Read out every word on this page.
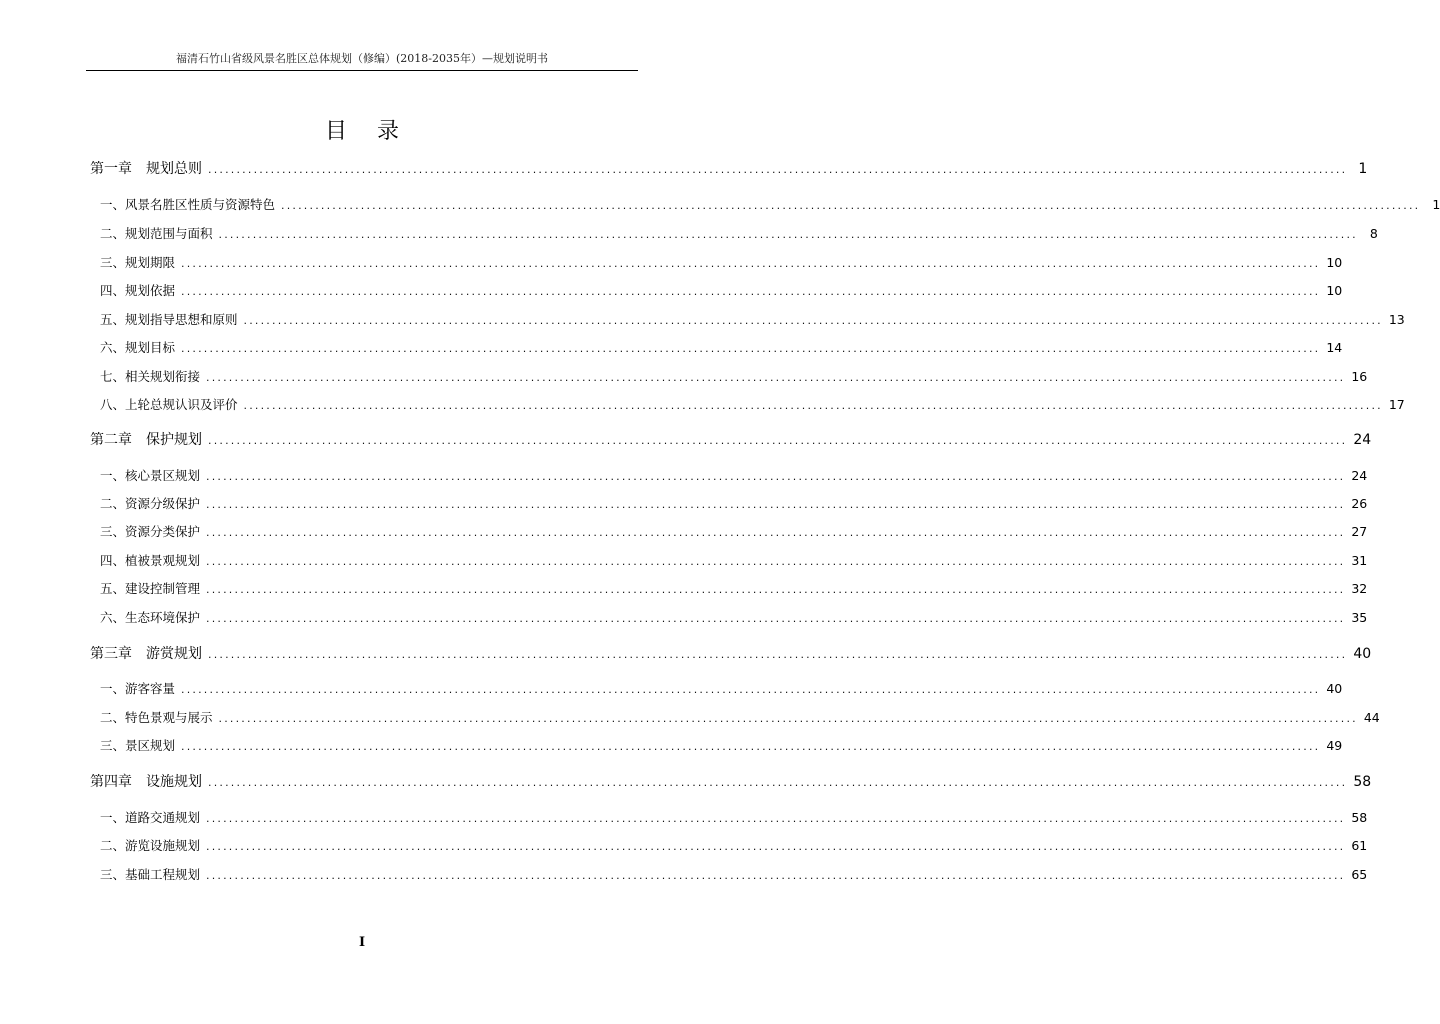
福清石竹山省级风景名胜区总体规划（修编）(2018-2035年）—规划说明书
目录
第一章 规划总则 ........................................................................................................................................................................................................ 1
一、风景名胜区性质与资源特色 ........................................................................................................................................................................................................ 1
二、规划范围与面积 ........................................................................................................................................................................................................ 8
三、规划期限 ........................................................................................................................................................................................................ 10
四、规划依据 ........................................................................................................................................................................................................ 10
五、规划指导思想和原则 ........................................................................................................................................................................................................ 13
六、规划目标 ........................................................................................................................................................................................................ 14
七、相关规划衔接 ........................................................................................................................................................................................................ 16
八、上轮总规认识及评价 ........................................................................................................................................................................................................ 17
第二章 保护规划 ........................................................................................................................................................................................................ 24
一、核心景区规划 ........................................................................................................................................................................................................ 24
二、资源分级保护 ........................................................................................................................................................................................................ 26
三、资源分类保护 ........................................................................................................................................................................................................ 27
四、植被景观规划 ........................................................................................................................................................................................................ 31
五、建设控制管理 ........................................................................................................................................................................................................ 32
六、生态环境保护 ........................................................................................................................................................................................................ 35
第三章 游赏规划 ........................................................................................................................................................................................................ 40
一、游客容量 ........................................................................................................................................................................................................ 40
二、特色景观与展示 ........................................................................................................................................................................................................ 44
三、景区规划 ........................................................................................................................................................................................................ 49
第四章 设施规划 ........................................................................................................................................................................................................ 58
一、道路交通规划 ........................................................................................................................................................................................................ 58
二、游览设施规划 ........................................................................................................................................................................................................ 61
三、基础工程规划 ........................................................................................................................................................................................................ 65
I
